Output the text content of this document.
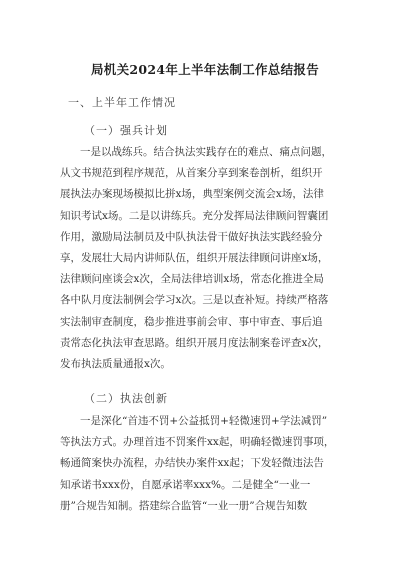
局机关2024年上半年法制工作总结报告
一、上半年工作情况
（一）强兵计划

一是以战练兵。结合执法实践存在的难点、痛点问题，
从文书规范到程序规范，从首案分享到案卷剖析，组织开
展执法办案现场模拟比拼x场，典型案例交流会x场，法律
知识考试x场。二是以讲练兵。充分发挥局法律顾问智囊团
作用，激励局法制员及中队执法骨干做好执法实践经验分
享，发展壮大局内讲师队伍，组织开展法律顾问讲座x场，
法律顾问座谈会x次，全局法律培训x场，常态化推进全局
各中队月度法制例会学习x次。三是以查补短。持续严格落
实法制审查制度，稳步推进事前会审、事中审查、事后追
责常态化执法审查思路。组织开展月度法制案卷评查x次，
发布执法质量通报x次。

（二）执法创新

一是深化“首违不罚+公益抵罚+轻微速罚+学法减罚”
等执法方式。办理首违不罚案件xx起，明确轻微速罚事项，
畅通简案快办流程，办结快办案件xx起；下发轻微违法告
知承诺书xxx份，自愿承诺率xxx%。二是健全“一业一
册”合规告知制。搭建综合监管“一业一册”合规告知数
